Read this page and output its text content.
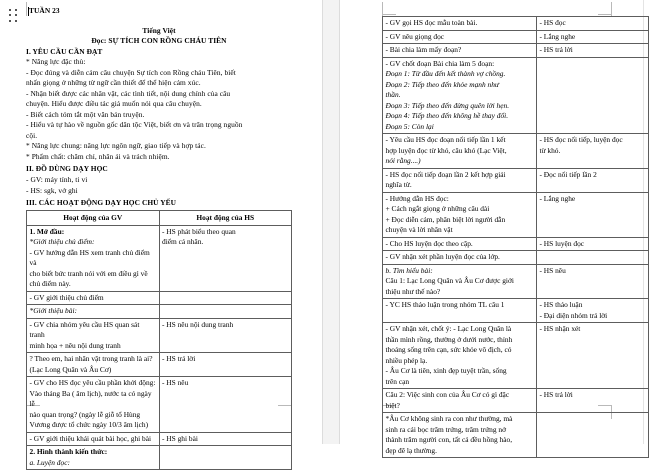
TUẦN 23
Tiếng Việt
Đọc: SỰ TÍCH CON RỒNG CHÁU TIÊN
I. YÊU CẦU CẦN ĐẠT
* Năng lực đặc thù:
- Đọc đúng và diễn cảm câu chuyện Sự tích con Rồng cháu Tiên, biết
nhấn giọng ở những từ ngữ cần thiết để thể hiện cảm xúc.
- Nhận biết được các nhân vật, các tình tiết, nội dung chính của câu
chuyện. Hiểu được điều tác giả muốn nói qua câu chuyện.
- Biết cách tóm tắt một văn bản truyện.
- Hiểu và tự hào về nguồn gốc dân tộc Việt, biết ơn và trân trọng nguồn
cội.
* Năng lực chung: năng lực ngôn ngữ, giao tiếp và hợp tác.
* Phẩm chất: chăm chỉ, nhân ái và trách nhiệm.
II. ĐỒ DÙNG DẠY HỌC
- GV: máy tính, ti vi
- HS: sgk, vở ghi
III. CÁC HOẠT ĐỘNG DẠY HỌC CHỦ YẾU
Hoạt động của GV	Hoạt động của HS

1. Mở đầu:
*Giới thiệu chủ điểm:
- GV hướng dẫn HS xem tranh chủ điểm và
cho biết bức tranh nói với em điều gì về
chủ điểm này.	- HS phát biểu theo quan
điểm cá nhân.

- GV giới thiệu chủ điểm	

*Giới thiệu bài:	

- GV chia nhóm yêu cầu HS quan sát tranh
minh họa + nêu nội dung tranh	- HS nêu nội dung tranh

? Theo em, hai nhân vật trong tranh là ai?
(Lạc Long Quân và Âu Cơ)	- HS trả lời

- GV cho HS đọc yêu cầu phần khởi động:
Vào tháng Ba ( âm lịch), nước ta có ngày lễ
nào quan trọng? (ngày lễ giỗ tổ Hùng
Vương được tổ chức ngày 10/3 âm lịch)	- HS nêu

- GV giới thiệu khái quát bài học, ghi bài	- HS ghi bài

2. Hình thành kiến thức:
a. Luyện đọc:	

- GV gọi HS đọc mẫu toàn bài.	- HS đọc

- GV nêu giọng đọc	- Lắng nghe

- Bài chia làm mấy đoạn?	- HS trả lời

- GV chốt đoạn Bài chia làm 5 đoạn:
Đoạn 1: Từ đầu đến kết thành vợ chồng.
Đoạn 2: Tiếp theo đến khỏe mạnh như
thần.
Đoạn 3: Tiếp theo đến đừng quên lời hẹn.
Đoạn 4: Tiếp theo đến không hề thay đổi.
Đoạn 5: Còn lại

- Yêu cầu HS đọc đoạn nối tiếp lần 1 kết
hợp luyện đọc từ khó, câu khó (Lạc Việt,
nói rằng....)	- HS đọc nối tiếp, luyện đọc
từ khó.

- HS đọc nối tiếp đoạn lần 2 kết hợp giải
nghĩa từ.	- Đọc nối tiếp lần 2

- Hướng dẫn HS đọc:
+ Cách ngắt giọng ở những câu dài
+ Đọc diễn cảm, phân biệt lời người dẫn
chuyện và lời nhân vật	- Lắng nghe

- Cho HS luyện đọc theo cặp.	- HS luyện đọc

- GV nhận xét phần luyện đọc của lớp.	

b. Tìm hiểu bài:
Câu 1: Lạc Long Quân và Âu Cơ được giới
thiệu như thế nào?	- HS nêu

- YC HS thảo luận trong nhóm TL câu 1	- HS thảo luận
- Đại diện nhóm trả lời

- GV nhận xét, chốt ý: - Lạc Long Quân là
thần mình rồng, thường ở dưới nước, thỉnh
thoảng sống trên cạn, sức khỏe vô địch, có
nhiều phép lạ.
- Âu Cơ là tiên, xinh đẹp tuyệt trần, sống
trên cạn

- HS nhận xét

Câu 2: Việc sinh con của Âu Cơ có gì đặc
biệt?	- HS trả lời

*Âu Cơ không sinh ra con như thường, mà
sinh ra cái bọc trăm trứng, trăm trứng nở
thành trăm người con, tất cả đều hồng hào,
đẹp đẽ lạ thường.	
